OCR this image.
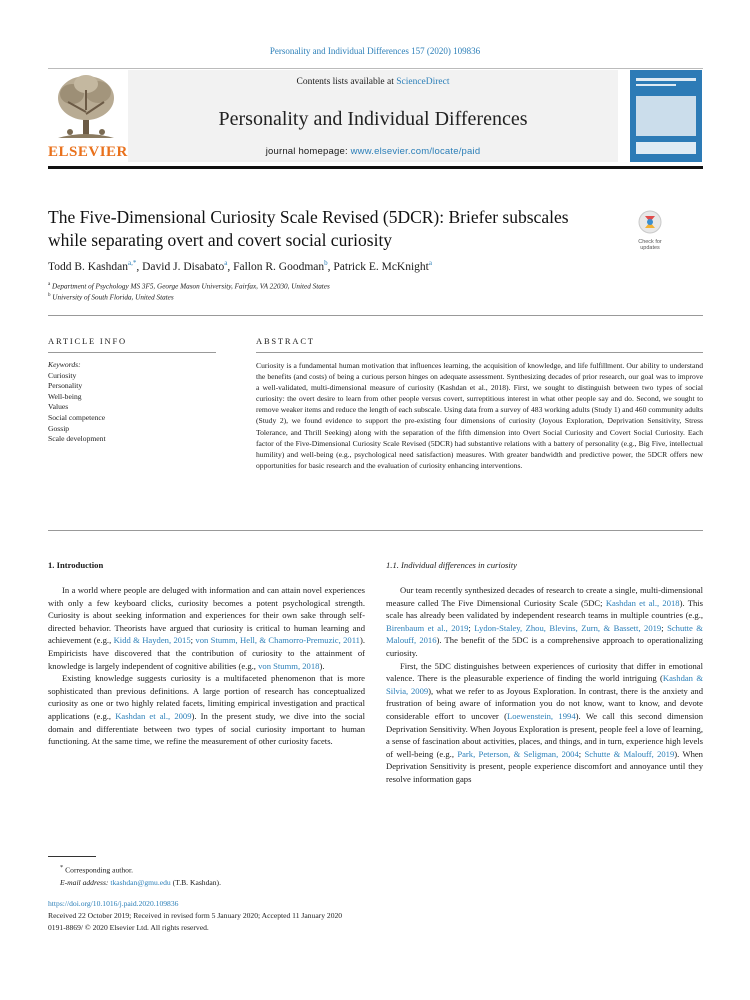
Personality and Individual Differences 157 (2020) 109836
ELSEVIER
Contents lists available at ScienceDirect
Personality and Individual Differences
journal homepage: www.elsevier.com/locate/paid
The Five-Dimensional Curiosity Scale Revised (5DCR): Briefer subscales while separating overt and covert social curiosity	Check for updates
Todd B. Kashdan$^{a,*}$, David J. Disabato$^a$, Fallon R. Goodman$^b$, Patrick E. McKnight$^a$
$^a$ Department of Psychology MS 3F5, George Mason University, Fairfax, VA 22030, United States
$^b$ University of South Florida, United States
ARTICLE INFO
Keywords:
Curiosity
Personality
Well-being
Values
Social competence
Gossip
Scale development
ABSTRACT
Curiosity is a fundamental human motivation that influences learning, the acquisition of knowledge, and life fulfillment. Our ability to understand the benefits (and costs) of being a curious person hinges on adequate assessment. Synthesizing decades of prior research, our goal was to improve a well-validated, multi-dimensional measure of curiosity (Kashdan et al., 2018). First, we sought to distinguish between two types of social curiosity: the overt desire to learn from other people versus covert, surreptitious interest in what other people say and do. Second, we sought to remove weaker items and reduce the length of each subscale. Using data from a survey of 483 working adults (Study 1) and 460 community adults (Study 2), we found evidence to support the pre-existing four dimensions of curiosity (Joyous Exploration, Deprivation Sensitivity, Stress Tolerance, and Thrill Seeking) along with the separation of the fifth dimension into Overt Social Curiosity and Covert Social Curiosity. Each factor of the Five-Dimensional Curiosity Scale Revised (5DCR) had substantive relations with a battery of personality (e.g., Big Five, intellectual humility) and well-being (e.g., psychological need satisfaction) measures. With greater bandwidth and predictive power, the 5DCR offers new opportunities for basic research and the evaluation of curiosity enhancing interventions.
1. Introduction

In a world where people are deluged with information and can attain novel experiences with only a few keyboard clicks, curiosity becomes a potent psychological strength. Curiosity is about seeking information and experiences for their own sake through self-directed behavior. Theorists have argued that curiosity is critical to human learning and achievement (e.g., Kidd & Hayden, 2015; von Stumm, Hell, & Chamorro-Premuzic, 2011). Empiricists have discovered that the contribution of curiosity to the attainment of knowledge is largely independent of cognitive abilities (e.g., von Stumm, 2018).

Existing knowledge suggests curiosity is a multifaceted phenomenon that is more sophisticated than previous definitions. A large portion of research has conceptualized curiosity as one or two highly related facets, limiting empirical investigation and practical applications (e.g., Kashdan et al., 2009). In the present study, we dive into the social domain and differentiate between two types of social curiosity important to human functioning. At the same time, we refine the measurement of other curiosity facets.

1.1. Individual differences in curiosity

Our team recently synthesized decades of research to create a single, multi-dimensional measure called The Five Dimensional Curiosity Scale (5DC; Kashdan et al., 2018). This scale has already been validated by independent research teams in multiple countries (e.g., Birenbaum et al., 2019; Lydon-Staley, Zhou, Blevins, Zurn, & Bassett, 2019; Schutte & Malouff, 2016). The benefit of the 5DC is a comprehensive approach to operationalizing curiosity.

First, the 5DC distinguishes between experiences of curiosity that differ in emotional valence. There is the pleasurable experience of finding the world intriguing (Kashdan & Silvia, 2009), what we refer to as Joyous Exploration. In contrast, there is the anxiety and frustration of being aware of information you do not know, want to know, and devote considerable effort to uncover (Loewenstein, 1994). We call this second dimension Deprivation Sensitivity. When Joyous Exploration is present, people feel a love of learning, a sense of fascination about activities, places, and things, and in turn, experience high levels of well-being (e.g., Park, Peterson, & Seligman, 2004; Schutte & Malouff, 2019). When Deprivation Sensitivity is present, people experience discomfort and annoyance until they resolve information gaps

* Corresponding author.
E-mail address: tkashdan@gmu.edu (T.B. Kashdan).
https://doi.org/10.1016/j.paid.2020.109836
Received 22 October 2019; Received in revised form 5 January 2020; Accepted 11 January 2020
0191-8869/ © 2020 Elsevier Ltd. All rights reserved.
